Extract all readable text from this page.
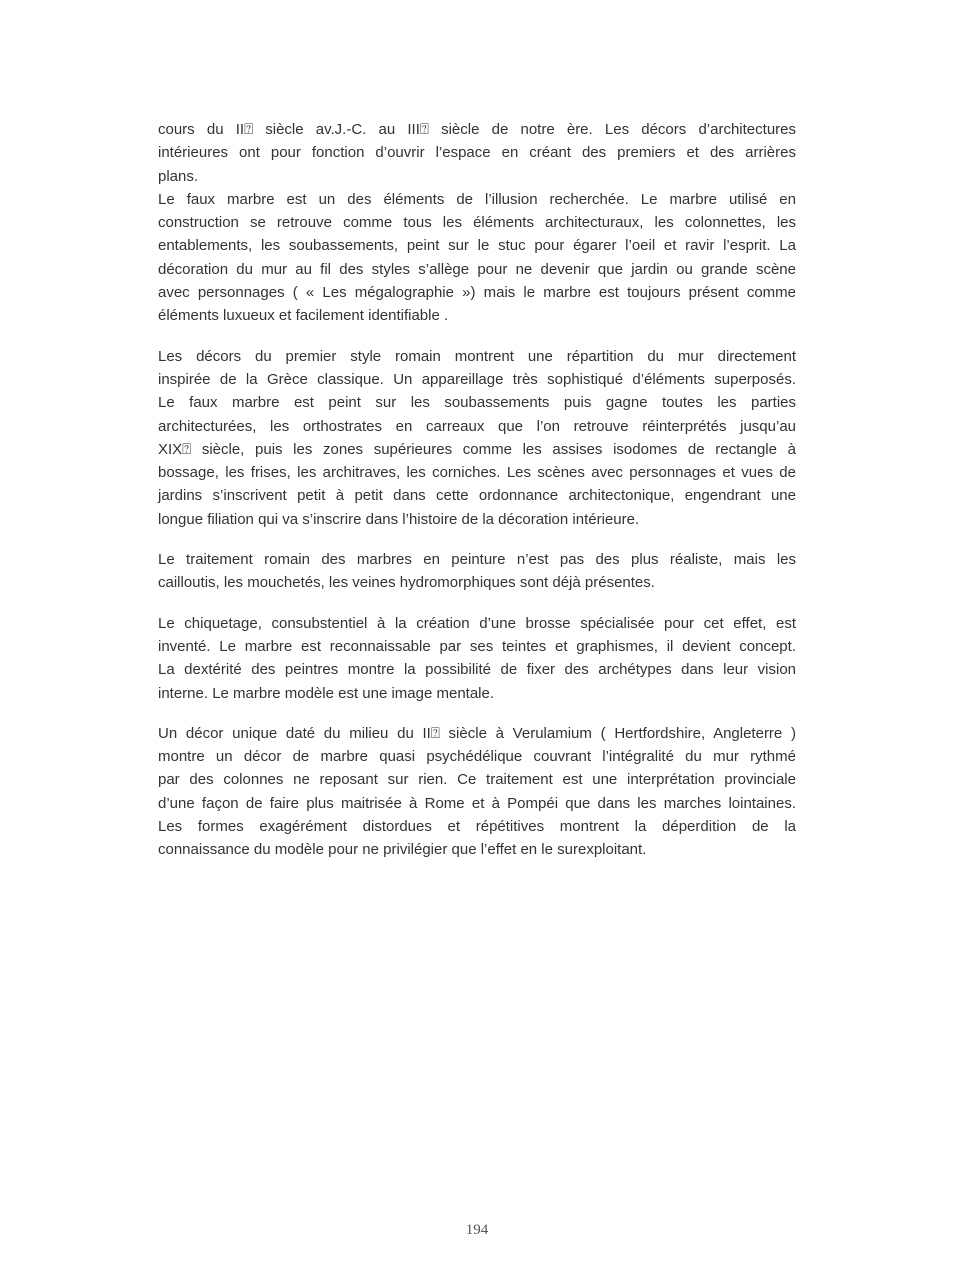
cours du II⍰ siècle av.J.-C. au III⍰ siècle de notre ère. Les décors d’architectures
intérieures ont pour fonction d’ouvrir l’espace en créant des premiers et des arrières
plans.
Le faux marbre est un des éléments de l’illusion recherchée. Le marbre utilisé en
construction se retrouve comme tous les éléments architecturaux, les colonnettes, les
entablements, les soubassements, peint sur le stuc pour égarer l’oeil et ravir l’esprit. La
décoration du mur au fil des styles s’allège pour ne devenir que jardin ou grande scène
avec personnages ( « Les mégalographie ») mais le marbre est toujours présent comme
éléments luxueux et facilement identifiable .
Les décors du premier style romain montrent une répartition du mur directement
inspirée de la Grèce classique. Un appareillage très sophistiqué d’éléments superposés.
Le faux marbre est peint sur les soubassements puis gagne toutes les parties
architecturées, les orthostrates en carreaux que l’on retrouve réinterprétés jusqu’au
XIX⍰ siècle, puis les zones supérieures comme les assises isodomes de rectangle à
bossage, les frises, les architraves, les corniches. Les scènes avec personnages et vues de
jardins s’inscrivent petit à petit dans cette ordonnance architectonique, engendrant une
longue filiation qui va s’inscrire dans l’histoire de la décoration intérieure.
Le traitement romain des marbres en peinture n’est pas des plus réaliste, mais les
cailloutis, les mouchetés, les veines hydromorphiques sont déjà présentes.
Le chiquetage, consubstentiel à la création d’une brosse spécialisée pour cet effet, est
inventé. Le marbre est reconnaissable par ses teintes et graphismes, il devient concept.
La dextérité des peintres montre la possibilité de fixer des archétypes dans leur vision
interne. Le marbre modèle est une image mentale.
Un décor unique daté du milieu du II⍰ siècle à Verulamium ( Hertfordshire, Angleterre )
montre un décor de marbre quasi psychédélique couvrant l’intégralité du mur rythmé
par des colonnes ne reposant sur rien. Ce traitement est une interprétation provinciale
d’une façon de faire plus maitrisée à Rome et à Pompéi que dans les marches lointaines.
Les formes exagérément distordues et répétitives montrent la déperdition de la
connaissance du modèle pour ne privilégier que l’effet en le surexploitant.
194
